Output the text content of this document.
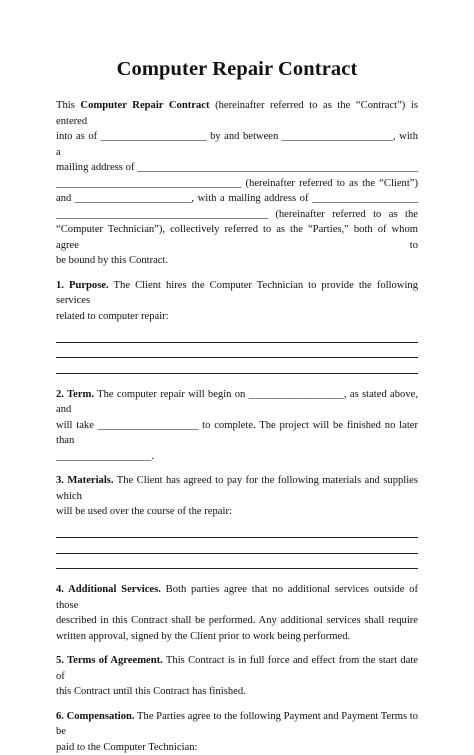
Computer Repair Contract
This Computer Repair Contract (hereinafter referred to as the “Contract”) is entered
into as of ____________________ by and between _____________________, with a
mailing address of _____________________________________________________
___________________________________ (hereinafter referred to as the “Client”)
and ______________________, with a mailing address of ____________________
________________________________________ (hereinafter referred to as the
“Computer Technician”), collectively referred to as the “Parties,” both of whom agree to
be bound by this Contract.
1. Purpose. The Client hires the Computer Technician to provide the following services
related to computer repair:
2. Term. The computer repair will begin on __________________, as stated above, and
will take ___________________ to complete. The project will be finished no later than
__________________.
3. Materials. The Client has agreed to pay for the following materials and supplies which
will be used over the course of the repair:
4. Additional Services. Both parties agree that no additional services outside of those
described in this Contract shall be performed. Any additional services shall require
written approval, signed by the Client prior to work being performed.
5. Terms of Agreement. This Contract is in full force and effect from the start date of
this Contract until this Contract has finished.
6. Compensation. The Parties agree to the following Payment and Payment Terms to be
paid to the Computer Technician:
